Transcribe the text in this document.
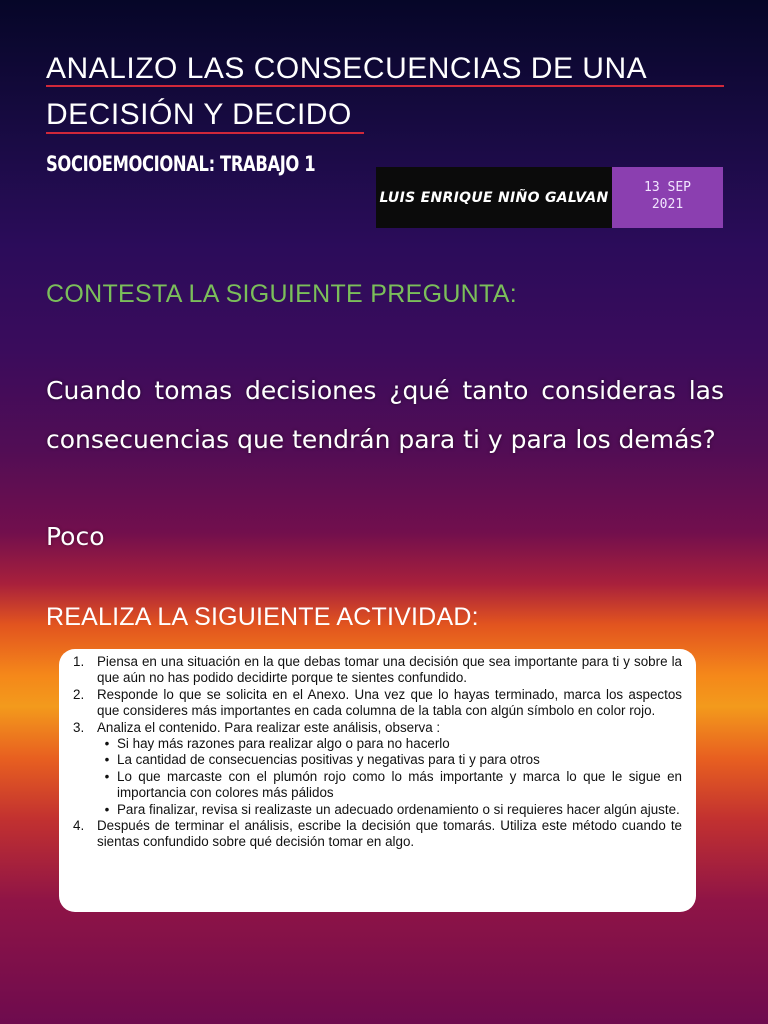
ANALIZO LAS CONSECUENCIAS DE UNA
DECISIÓN Y DECIDO
SOCIOEMOCIONAL: TRABAJO 1
LUIS ENRIQUE NIÑO GALVAN
13 SEP
2021
CONTESTA LA SIGUIENTE PREGUNTA:
Cuando tomas decisiones ¿qué tanto consideras las consecuencias que tendrán para ti y para los demás?
Poco
REALIZA LA SIGUIENTE ACTIVIDAD:
1. Piensa en una situación en la que debas tomar una decisión que sea importante para ti y sobre la que aún no has podido decidirte porque te sientes confundido.
2. Responde lo que se solicita en el Anexo. Una vez que lo hayas terminado, marca los aspectos que consideres más importantes en cada columna de la tabla con algún símbolo en color rojo.
3. Analiza el contenido. Para realizar este análisis, observa :
• Si hay más razones para realizar algo o para no hacerlo
• La cantidad de consecuencias positivas y negativas para ti y para otros
• Lo que marcaste con el plumón rojo como lo más importante y marca lo que le sigue en importancia con colores más pálidos
• Para finalizar, revisa si realizaste un adecuado ordenamiento o si requieres hacer algún ajuste.
4. Después de terminar el análisis, escribe la decisión que tomarás. Utiliza este método cuando te sientas confundido sobre qué decisión tomar en algo.
